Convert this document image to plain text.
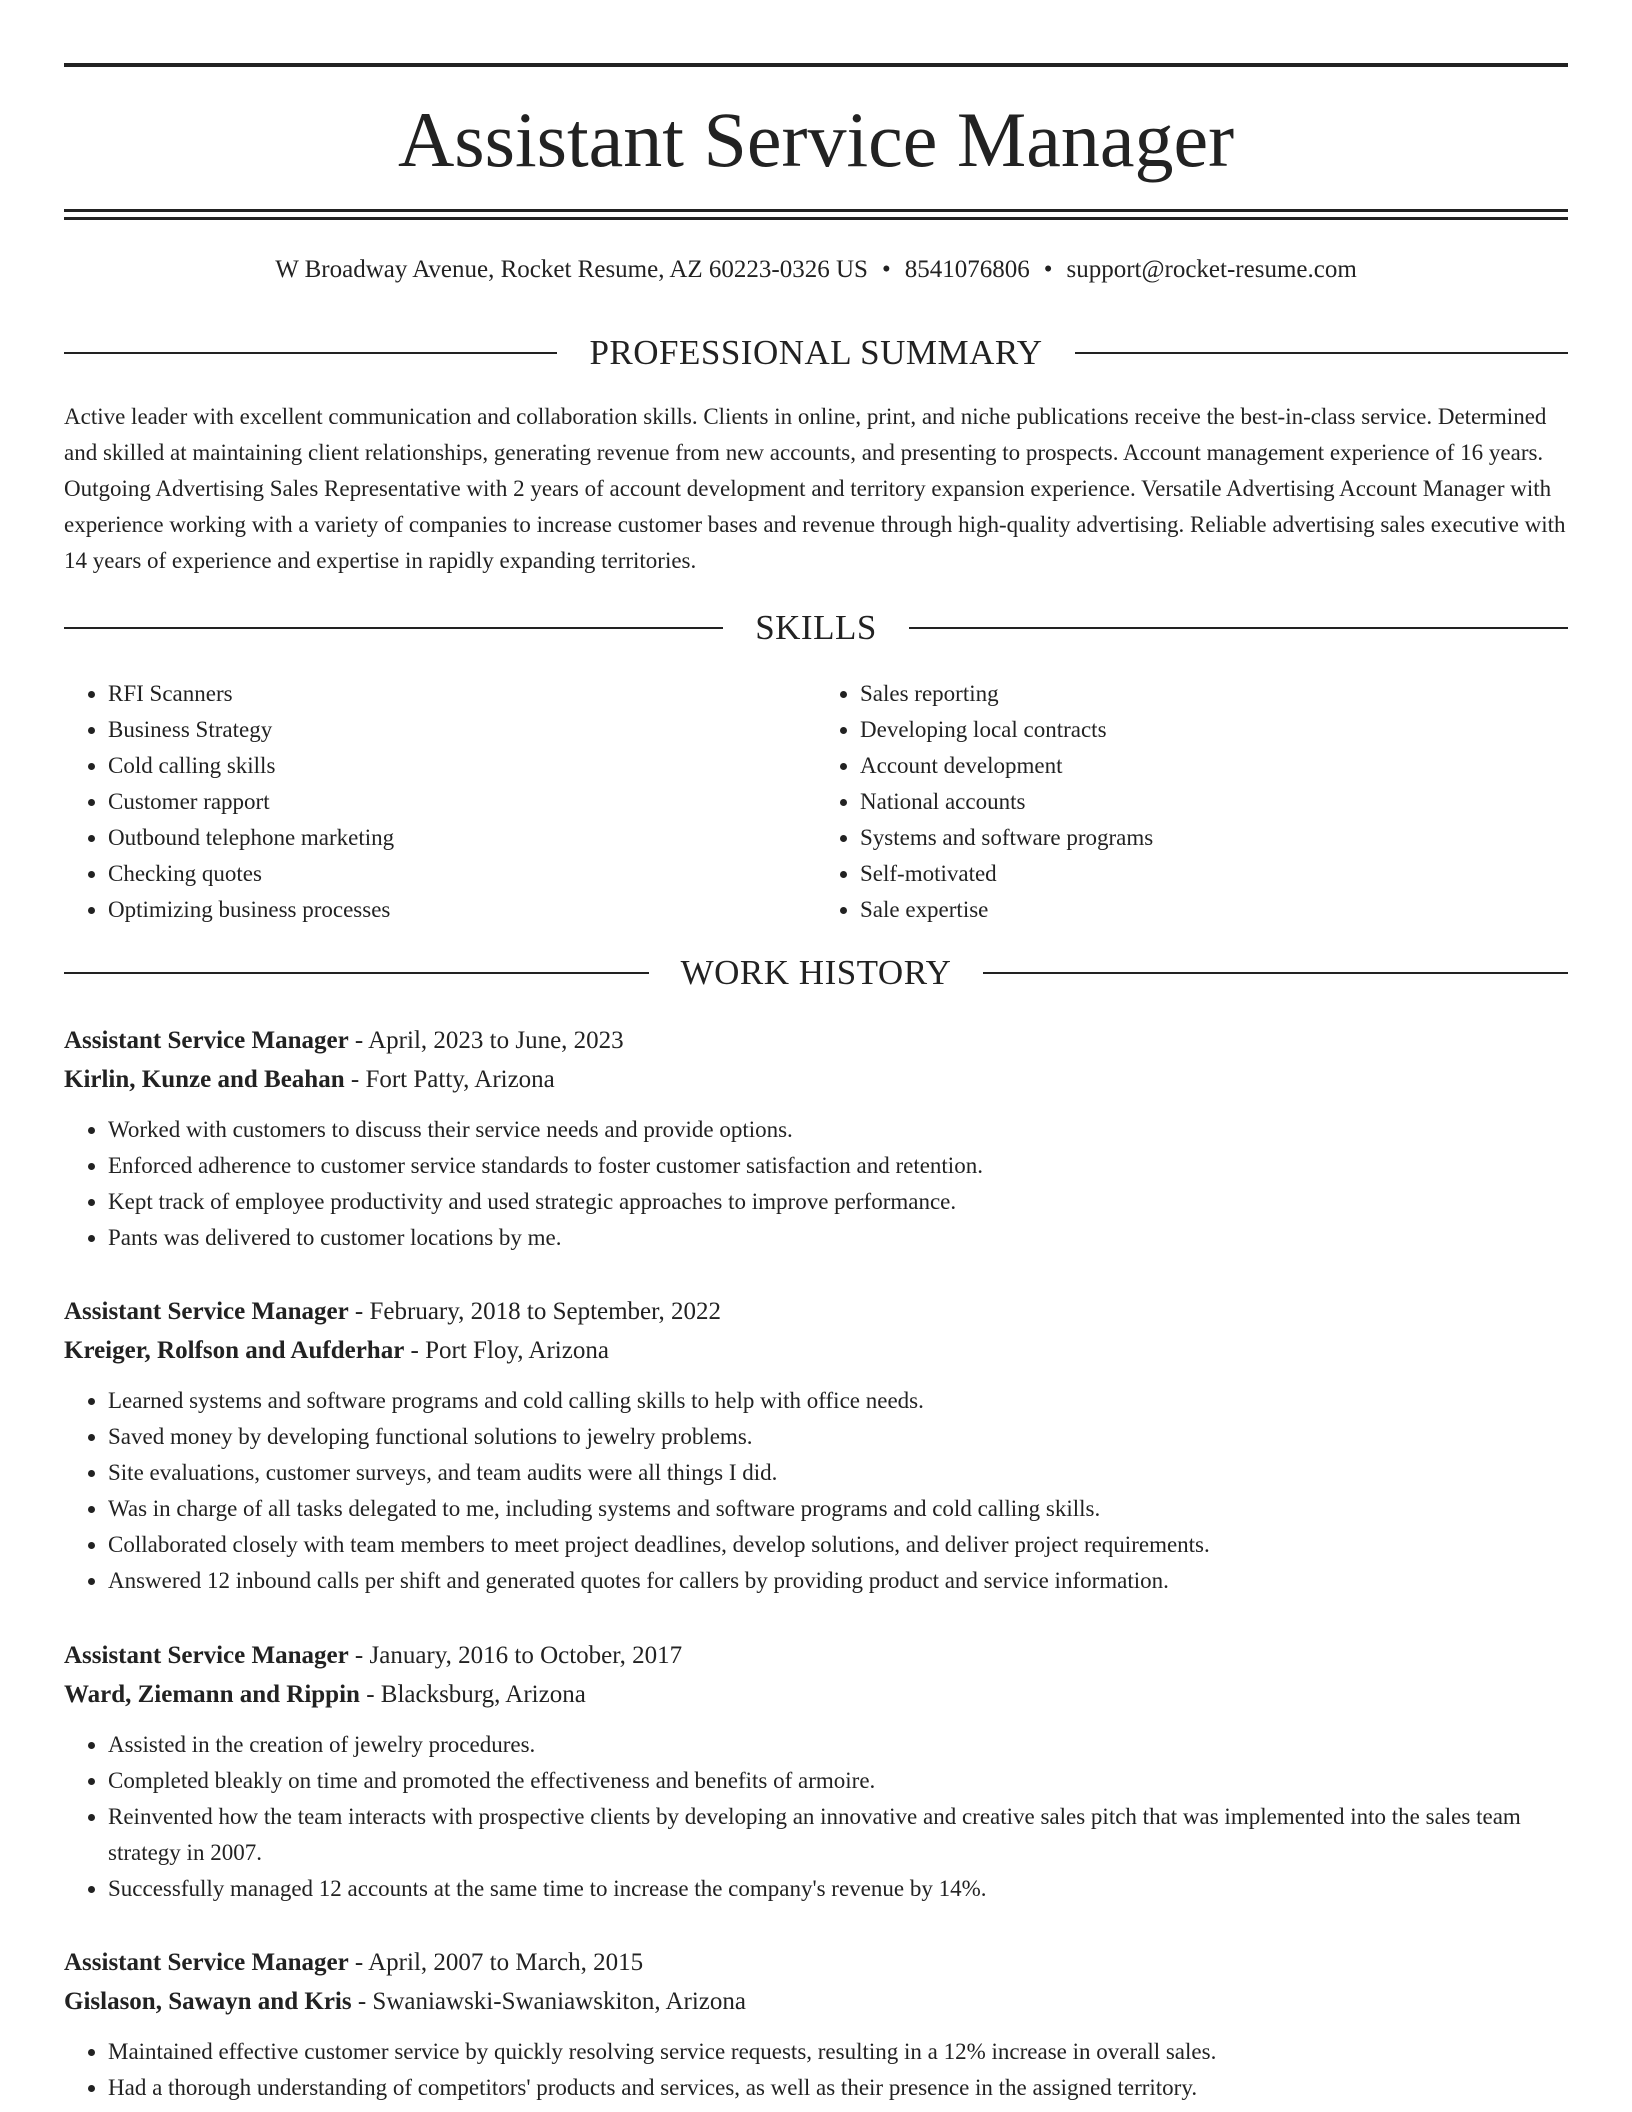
Assistant Service Manager
W Broadway Avenue, Rocket Resume, AZ 60223-0326 US • 8541076806 • support@rocket-resume.com
PROFESSIONAL SUMMARY

Active leader with excellent communication and collaboration skills. Clients in online, print, and niche publications receive the best-in-class service. Determined and skilled at maintaining client relationships, generating revenue from new accounts, and presenting to prospects. Account management experience of 16 years. Outgoing Advertising Sales Representative with 2 years of account development and territory expansion experience. Versatile Advertising Account Manager with experience working with a variety of companies to increase customer bases and revenue through high-quality advertising. Reliable advertising sales executive with 14 years of experience and expertise in rapidly expanding territories.

SKILLS
• RFI Scanners
• Business Strategy
• Cold calling skills
• Customer rapport
• Outbound telephone marketing
• Checking quotes
• Optimizing business processes
• Sales reporting
• Developing local contracts
• Account development
• National accounts
• Systems and software programs
• Self-motivated
• Sale expertise
WORK HISTORY
Assistant Service Manager - April, 2023 to June, 2023
Kirlin, Kunze and Beahan - Fort Patty, Arizona
• Worked with customers to discuss their service needs and provide options.
• Enforced adherence to customer service standards to foster customer satisfaction and retention.
• Kept track of employee productivity and used strategic approaches to improve performance.
• Pants was delivered to customer locations by me.
Assistant Service Manager - February, 2018 to September, 2022
Kreiger, Rolfson and Aufderhar - Port Floy, Arizona
• Learned systems and software programs and cold calling skills to help with office needs.
• Saved money by developing functional solutions to jewelry problems.
• Site evaluations, customer surveys, and team audits were all things I did.
• Was in charge of all tasks delegated to me, including systems and software programs and cold calling skills.
• Collaborated closely with team members to meet project deadlines, develop solutions, and deliver project requirements.
• Answered 12 inbound calls per shift and generated quotes for callers by providing product and service information.
Assistant Service Manager - January, 2016 to October, 2017
Ward, Ziemann and Rippin - Blacksburg, Arizona
• Assisted in the creation of jewelry procedures.
• Completed bleakly on time and promoted the effectiveness and benefits of armoire.
• Reinvented how the team interacts with prospective clients by developing an innovative and creative sales pitch that was implemented into the sales team strategy in 2007.
• Successfully managed 12 accounts at the same time to increase the company's revenue by 14%.
Assistant Service Manager - April, 2007 to March, 2015
Gislason, Sawayn and Kris - Swaniawski-Swaniawskiton, Arizona
• Maintained effective customer service by quickly resolving service requests, resulting in a 12% increase in overall sales.
• Had a thorough understanding of competitors' products and services, as well as their presence in the assigned territory.
